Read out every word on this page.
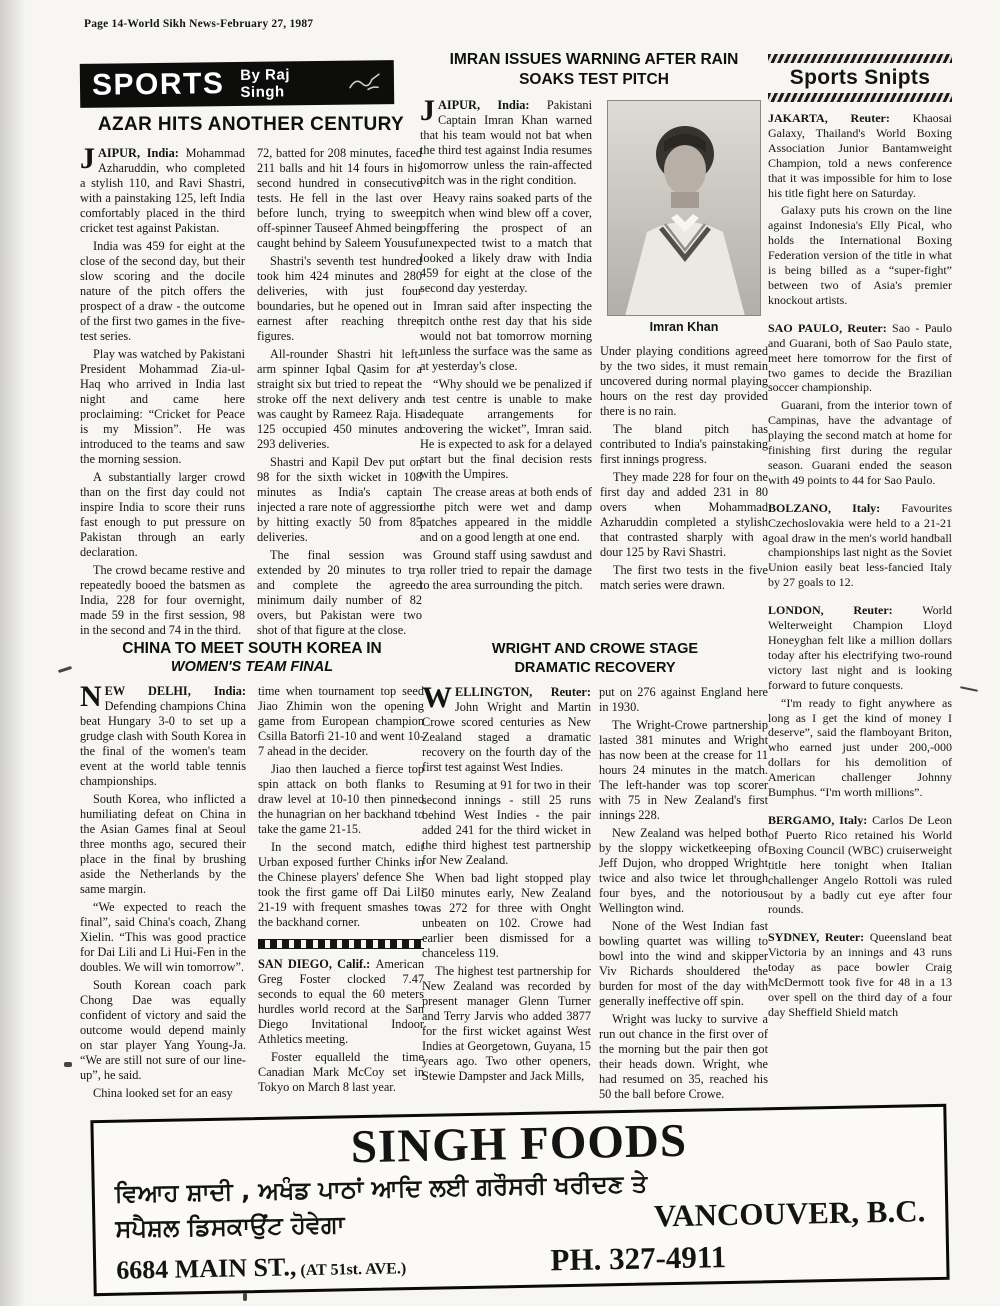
Page 14-World Sikh News-February 27, 1987
SPORTS By Raj Singh
AZAR HITS ANOTHER CENTURY

JAIPUR, India: Mohammad Azharuddin, who completed a stylish 110, and Ravi Shastri, with a painstaking 125, left India comfortably placed in the third cricket test against Pakistan.

India was 459 for eight at the close of the second day, but their slow scoring and the docile nature of the pitch offers the prospect of a draw - the outcome of the first two games in the five-test series.

Play was watched by Pakistani President Mohammad Zia-ul-Haq who arrived in India last night and came here proclaiming: “Cricket for Peace is my Mission”. He was introduced to the teams and saw the morning session.

A substantially larger crowd than on the first day could not inspire India to score their runs fast enough to put pressure on Pakistan through an early declaration.

The crowd became restive and repeatedly booed the batsmen as India, 228 for four overnight, made 59 in the first session, 98 in the second and 74 in the third.

72, batted for 208 minutes, faced 211 balls and hit 14 fours in his second hundred in consecutive tests. He fell in the last over before lunch, trying to sweep off-spinner Tauseef Ahmed being caught behind by Saleem Yousuf.

Shastri's seventh test hundred took him 424 minutes and 280 deliveries, with just four boundaries, but he opened out in earnest after reaching three figures.

All-rounder Shastri hit left-arm spinner Iqbal Qasim for a straight six but tried to repeat the stroke off the next delivery and was caught by Rameez Raja. His 125 occupied 450 minutes and 293 deliveries.

Shastri and Kapil Dev put on 98 for the sixth wicket in 108 minutes as India's captain injected a rare note of aggression by hitting exactly 50 from 85 deliveries.

The final session was extended by 20 minutes to try and complete the agreed minimum daily number of 82 overs, but Pakistan were two shot of that figure at the close.

IMRAN ISSUES WARNING AFTER RAIN
SOAKS TEST PITCH

JAIPUR, India: Pakistani Captain Imran Khan warned that his team would not bat when the third test against India resumes tomorrow unless the rain-affected pitch was in the right condition.

Heavy rains soaked parts of the pitch when wind blew off a cover, offering the prospect of an unexpected twist to a match that looked a likely draw with India 459 for eight at the close of the second day yesterday.

Imran said after inspecting the pitch onthe rest day that his side would not bat tomorrow morning unless the surface was the same as at yesterday's close.

“Why should we be penalized if a test centre is unable to make adequate arrangements for covering the wicket”, Imran said. He is expected to ask for a delayed start but the final decision rests with the Umpires.

The crease areas at both ends of the pitch were wet and damp patches appeared in the middle and on a good length at one end.

Ground staff using sawdust and a roller tried to repair the damage to the area surrounding the pitch.

Imran Khan

Under playing conditions agreed by the two sides, it must remain uncovered during normal playing hours on the rest day provided there is no rain.

The bland pitch has contributed to India's painstaking first innings progress.

They made 228 for four on the first day and added 231 in 80 overs when Mohammad Azharuddin completed a stylish that contrasted sharply with a dour 125 by Ravi Shastri.

The first two tests in the five match series were drawn.

Sports Snipts

JAKARTA, Reuter: Khaosai Galaxy, Thailand's World Boxing Association Junior Bantamweight Champion, told a news conference that it was impossible for him to lose his title fight here on Saturday.

Galaxy puts his crown on the line against Indonesia's Elly Pical, who holds the International Boxing Federation version of the title in what is being billed as a “super-fight” between two of Asia's premier knockout artists.

SAO PAULO, Reuter: Sao - Paulo and Guarani, both of Sao Paulo state, meet here tomorrow for the first of two games to decide the Brazilian soccer championship.

Guarani, from the interior town of Campinas, have the advantage of playing the second match at home for finishing first during the regular season. Guarani ended the season with 49 points to 44 for Sao Paulo.

BOLZANO, Italy: Favourites Czechoslovakia were held to a 21-21 goal draw in the men's world handball championships last night as the Soviet Union easily beat less-fancied Italy by 27 goals to 12.

LONDON, Reuter: World Welterweight Champion Lloyd Honeyghan felt like a million dollars today after his electrifying two-round victory last night and is looking forward to future conquests.

“I'm ready to fight anywhere as long as I get the kind of money I deserve”, said the flamboyant Briton, who earned just under 200,-000 dollars for his demolition of American challenger Johnny Bumphus. “I'm worth millions”.

BERGAMO, Italy: Carlos De Leon of Puerto Rico retained his World Boxing Council (WBC) cruiserweight title here tonight when Italian challenger Angelo Rottoli was ruled out by a badly cut eye after four rounds.

SYDNEY, Reuter: Queensland beat Victoria by an innings and 43 runs today as pace bowler Craig McDermott took five for 48 in a 13 over spell on the third day of a four day Sheffield Shield match

CHINA TO MEET SOUTH KOREA IN
WOMEN'S TEAM FINAL

NEW DELHI, India: Defending champions China beat Hungary 3-0 to set up a grudge clash with South Korea in the final of the women's team event at the world table tennis championships.

South Korea, who inflicted a humiliating defeat on China in the Asian Games final at Seoul three months ago, secured their place in the final by brushing aside the Netherlands by the same margin.

“We expected to reach the final”, said China's coach, Zhang Xielin. “This was good practice for Dai Lili and Li Hui-Fen in the doubles. We will win tomorrow”.

South Korean coach park Chong Dae was equally confident of victory and said the outcome would depend mainly on star player Yang Young-Ja. “We are still not sure of our line-up”, he said.

China looked set for an easy

time when tournament top seed Jiao Zhimin won the opening game from European champion Csilla Batorfi 21-10 and went 10-7 ahead in the decider.

Jiao then lauched a fierce top spin attack on both flanks to draw level at 10-10 then pinned the hunagrian on her backhand to take the game 21-15.

In the second match, edit Urban exposed further Chinks in the Chinese players' defence She took the first game off Dai Lili 21-19 with frequent smashes to the backhand corner.

SAN DIEGO, Calif.: American Greg Foster clocked 7.47 seconds to equal the 60 meters hurdles world record at the San Diego Invitational Indoor Athletics meeting.

Foster equalleld the time Canadian Mark McCoy set in Tokyo on March 8 last year.

WRIGHT AND CROWE STAGE
DRAMATIC RECOVERY

WELLINGTON, Reuter: John Wright and Martin Crowe scored centuries as New Zealand staged a dramatic recovery on the fourth day of the first test against West Indies.

Resuming at 91 for two in their second innings - still 25 runs behind West Indies - the pair added 241 for the third wicket in the third highest test partnership for New Zealand.

When bad light stopped play 50 minutes early, New Zealand was 272 for three with Onght unbeaten on 102. Crowe had earlier been dismissed for a chanceless 119.

The highest test partnership for New Zealand was recorded by present manager Glenn Turner and Terry Jarvis who added 3877 for the first wicket against West Indies at Georgetown, Guyana, 15 years ago. Two other openers, Stewie Dampster and Jack Mills,

put on 276 against England here in 1930.

The Wright-Crowe partnership lasted 381 minutes and Wright has now been at the crease for 11 hours 24 minutes in the match. The left-hander was top scorer with 75 in New Zealand's first innings 228.

New Zealand was helped both by the sloppy wicketkeeping of Jeff Dujon, who dropped Wright twice and also twice let through four byes, and the notorious Wellington wind.

None of the West Indian fast bowling quartet was willing to bowl into the wind and skipper Viv Richards shouldered the burden for most of the day with generally ineffective off spin.

Wright was lucky to survive a run out chance in the first over of the morning but the pair then got their heads down. Wright, whe had resumed on 35, reached his 50 the ball before Crowe.

SINGH FOODS
ਵਿਆਹ ਸ਼ਾਦੀ , ਅਖੰਡ ਪਾਠਾਂ ਆਦਿ ਲਈ ਗਰੌਸਰੀ ਖਰੀਦਣ ਤੇ
ਸਪੈਸ਼ਲ ਡਿਸਕਾਉਂਟ ਹੋਵੇਗਾ	VANCOUVER, B.C.
6684 MAIN ST., (AT 51st. AVE.)	PH. 327-4911
